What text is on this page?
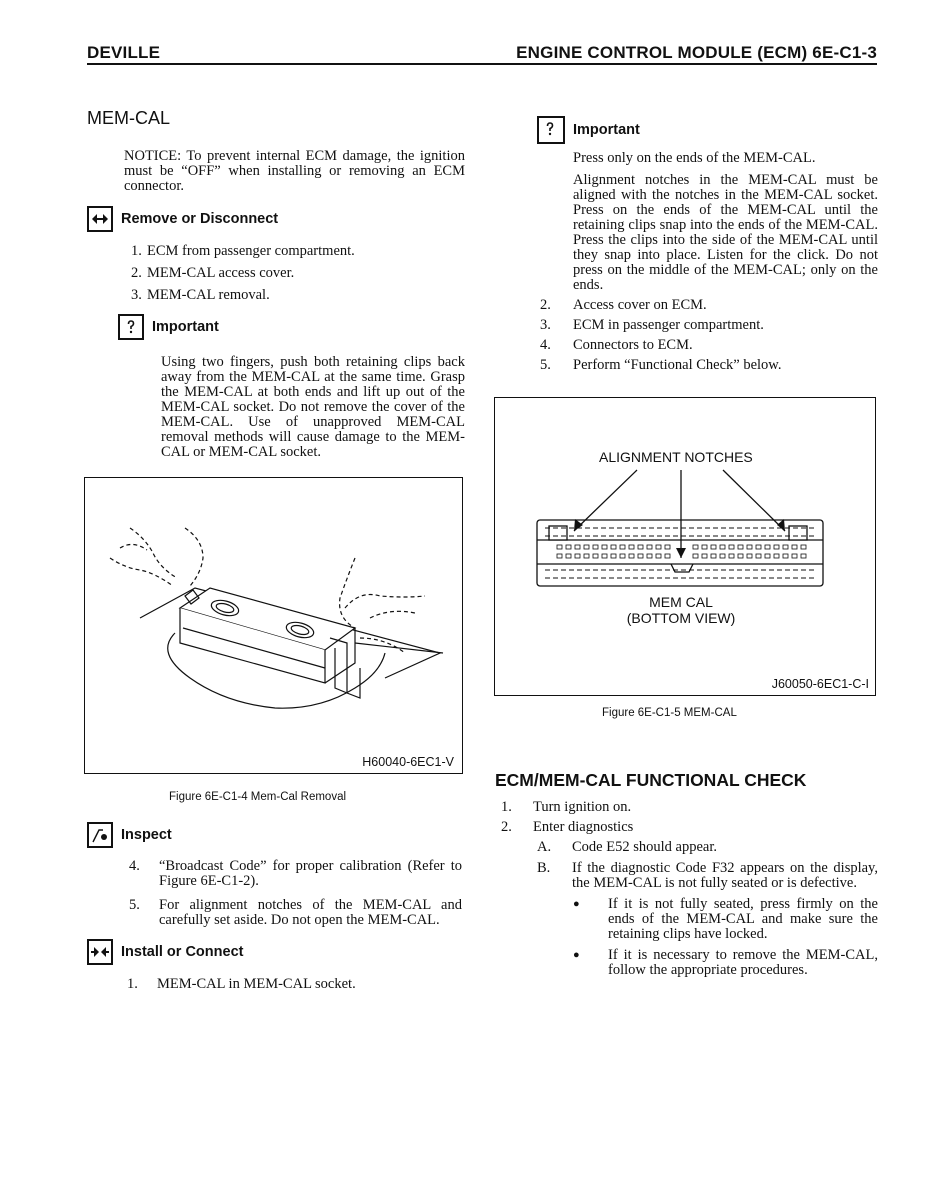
DEVILLE	ENGINE CONTROL MODULE (ECM) 6E-C1-3
MEM-CAL
NOTICE: To prevent internal ECM damage, the ignition must be “OFF” when installing or removing an ECM connector.
Remove or Disconnect
1. ECM from passenger compartment.
2. MEM-CAL access cover.
3. MEM-CAL removal.
Important
Using two fingers, push both retaining clips back away from the MEM-CAL at the same time. Grasp the MEM-CAL at both ends and lift up out of the MEM-CAL socket. Do not remove the cover of the MEM-CAL. Use of unapproved MEM-CAL removal methods will cause damage to the MEM-CAL or MEM-CAL socket.
H60040-6EC1-V
Figure 6E-C1-4 Mem-Cal Removal
Inspect
4.	“Broadcast Code” for proper calibration (Refer to Figure 6E-C1-2).
5.	For alignment notches of the MEM-CAL and carefully set aside. Do not open the MEM-CAL.
Install or Connect
1.	MEM-CAL in MEM-CAL socket.
Important
Press only on the ends of the MEM-CAL.
Alignment notches in the MEM-CAL must be aligned with the notches in the MEM-CAL socket. Press on the ends of the MEM-CAL until the retaining clips snap into the ends of the MEM-CAL. Press the clips into the side of the MEM-CAL until they snap into place. Listen for the click. Do not press on the middle of the MEM-CAL; only on the ends.
2.	Access cover on ECM.
3.	ECM in passenger compartment.
4.	Connectors to ECM.
5.	Perform “Functional Check” below.
ALIGNMENT NOTCHES
MEM CAL
(BOTTOM VIEW)
J60050-6EC1-C-I
Figure 6E-C1-5 MEM-CAL
ECM/MEM-CAL FUNCTIONAL CHECK
1.	Turn ignition on.
2.	Enter diagnostics
A.	Code E52 should appear.
B.	If the diagnostic Code F32 appears on the display, the MEM-CAL is not fully seated or is defective.
●	If it is not fully seated, press firmly on the ends of the MEM-CAL and make sure the retaining clips have locked.
●	If it is necessary to remove the MEM-CAL, follow the appropriate procedures.
